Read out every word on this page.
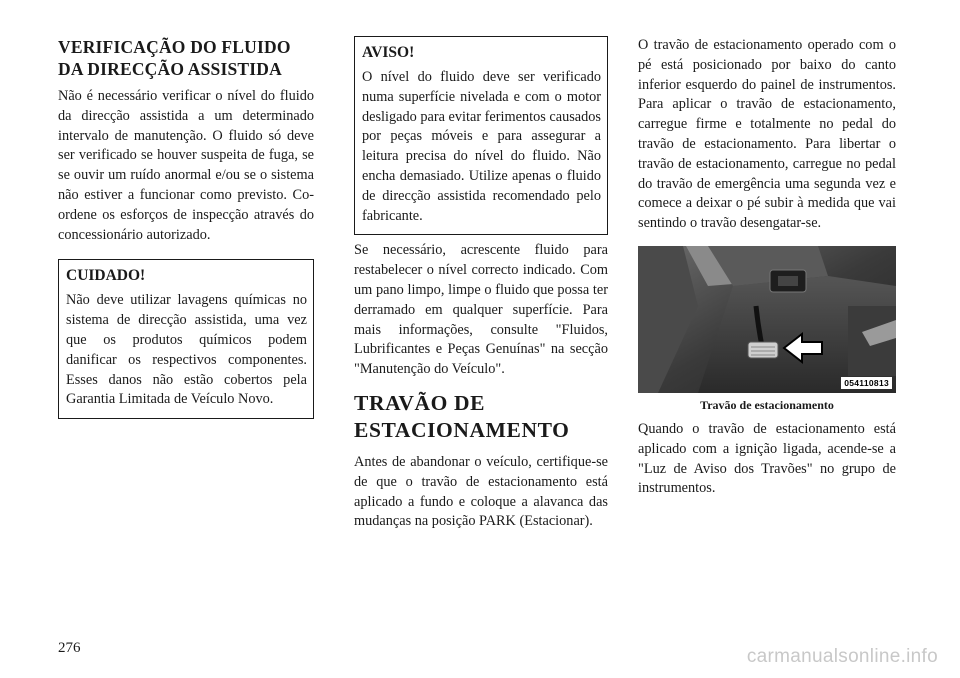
VERIFICAÇÃO DO FLUIDO
DA DIRECÇÃO ASSISTIDA

Não é necessário verificar o nível do fluido da direcção assistida a um determinado intervalo de manutenção. O fluido só deve ser verificado se houver suspeita de fuga, se se ouvir um ruído anormal e/ou se o sistema não estiver a funcionar como previsto. Coordene os esforços de inspecção através do concessionário autorizado.

CUIDADO!

Não deve utilizar lavagens químicas no sistema de direcção assistida, uma vez que os produtos químicos podem danificar os respectivos componentes. Esses danos não estão cobertos pela Garantia Limitada de Veículo Novo.

AVISO!

O nível do fluido deve ser verificado numa superfície nivelada e com o motor desligado para evitar ferimentos causados por peças móveis e para assegurar a leitura precisa do nível do fluido. Não encha demasiado. Utilize apenas o fluido de direcção assistida recomendado pelo fabricante.

Se necessário, acrescente fluido para restabelecer o nível correcto indicado. Com um pano limpo, limpe o fluido que possa ter derramado em qualquer superfície. Para mais informações, consulte "Fluidos, Lubrificantes e Peças Genuínas" na secção "Manutenção do Veículo".

TRAVÃO DE
ESTACIONAMENTO

Antes de abandonar o veículo, certifique-se de que o travão de estacionamento está aplicado a fundo e coloque a alavanca das mudanças na posição PARK (Estacionar).

O travão de estacionamento operado com o pé está posicionado por baixo do canto inferior esquerdo do painel de instrumentos. Para aplicar o travão de estacionamento, carregue firme e totalmente no pedal do travão de estacionamento. Para libertar o travão de estacionamento, carregue no pedal do travão de emergência uma segunda vez e comece a deixar o pé subir à medida que vai sentindo o travão desengatar-se.

054110813
Travão de estacionamento

Quando o travão de estacionamento está aplicado com a ignição ligada, acende-se a "Luz de Aviso dos Travões" no grupo de instrumentos.

276	carmanualsonline.info
